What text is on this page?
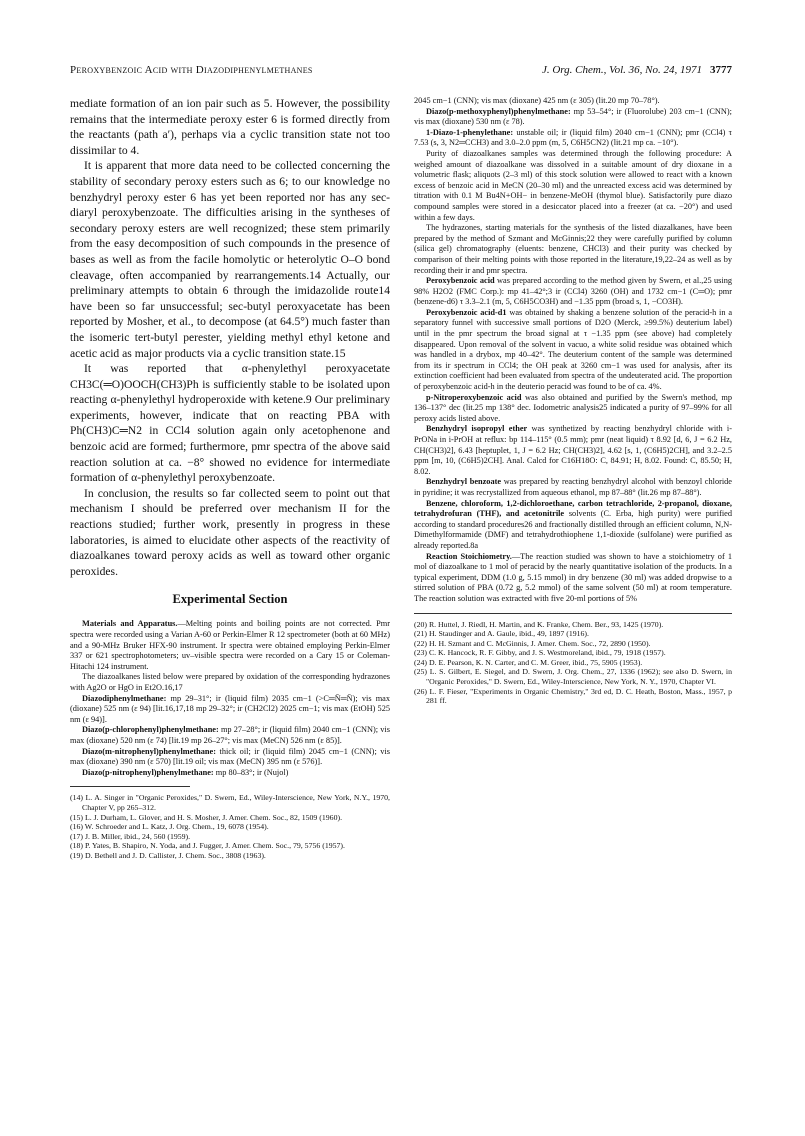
Peroxybenzoic Acid with Diazodiphenylmethanes	J. Org. Chem., Vol. 36, No. 24, 1971 3777

mediate formation of an ion pair such as 5. However, the possibility remains that the intermediate peroxy ester 6 is formed directly from the reactants (path a′), perhaps via a cyclic transition state not too dissimilar to 4.

It is apparent that more data need to be collected concerning the stability of secondary peroxy esters such as 6; to our knowledge no benzhydryl peroxy ester 6 has yet been reported nor has any sec-diaryl peroxybenzoate. The difficulties arising in the syntheses of secondary peroxy esters are well recognized; these stem primarily from the easy decomposition of such compounds in the presence of bases as well as from the facile homolytic or heterolytic O–O bond cleavage, often accompanied by rearrangements.14 Actually, our preliminary attempts to obtain 6 through the imidazolide route14 have been so far unsuccessful; sec-butyl peroxyacetate has been reported by Mosher, et al., to decompose (at 64.5°) much faster than the isomeric tert-butyl perester, yielding methyl ethyl ketone and acetic acid as major products via a cyclic transition state.15

It was reported that α-phenylethyl peroxyacetate CH3C(═O)OOCH(CH3)Ph is sufficiently stable to be isolated upon reacting α-phenylethyl hydroperoxide with ketene.9 Our preliminary experiments, however, indicate that on reacting PBA with Ph(CH3)C═N2 in CCl4 solution again only acetophenone and benzoic acid are formed; furthermore, pmr spectra of the above said reaction solution at ca. −8° showed no evidence for intermediate formation of α-phenylethyl peroxybenzoate.

In conclusion, the results so far collected seem to point out that mechanism I should be preferred over mechanism II for the reactions studied; further work, presently in progress in these laboratories, is aimed to elucidate other aspects of the reactivity of diazoalkanes toward peroxy acids as well as toward other organic peroxides.

Experimental Section

Materials and Apparatus.—Melting points and boiling points are not corrected. Pmr spectra were recorded using a Varian A-60 or Perkin-Elmer R 12 spectrometer (both at 60 MHz) and a 90-MHz Bruker HFX-90 instrument. Ir spectra were obtained employing Perkin-Elmer 337 or 621 spectrophotometers; uv–visible spectra were recorded on a Cary 15 or Coleman-Hitachi 124 instrument.

The diazoalkanes listed below were prepared by oxidation of the corresponding hydrazones with Ag2O or HgO in Et2O.16,17

Diazodiphenylmethane: mp 29–31°; ir (liquid film) 2035 cm−1 (>C═N̄═N̄); vis max (dioxane) 525 nm (ε 94) [lit.16,17,18 mp 29–32°; ir (CH2Cl2) 2025 cm−1; vis max (EtOH) 525 nm (ε 94)].

Diazo(p-chlorophenyl)phenylmethane: mp 27–28°; ir (liquid film) 2040 cm−1 (CNN); vis max (dioxane) 520 nm (ε 74) [lit.19 mp 26–27°; vis max (MeCN) 526 nm (ε 85)].

Diazo(m-nitrophenyl)phenylmethane: thick oil; ir (liquid film) 2045 cm−1 (CNN); vis max (dioxane) 390 nm (ε 570) [lit.19 oil; vis max (MeCN) 395 nm (ε 576)].

Diazo(p-nitrophenyl)phenylmethane: mp 80–83°; ir (Nujol)

(14) L. A. Singer in "Organic Peroxides," D. Swern, Ed., Wiley-Interscience, New York, N.Y., 1970, Chapter V, pp 265–312.

(15) L. J. Durham, L. Glover, and H. S. Mosher, J. Amer. Chem. Soc., 82, 1509 (1960).

(16) W. Schroeder and L. Katz, J. Org. Chem., 19, 6078 (1954).

(17) J. B. Miller, ibid., 24, 560 (1959).

(18) P. Yates, B. Shapiro, N. Yoda, and J. Fugger, J. Amer. Chem. Soc., 79, 5756 (1957).

(19) D. Bethell and J. D. Callister, J. Chem. Soc., 3808 (1963).

2045 cm−1 (CNN); vis max (dioxane) 425 nm (ε 305) (lit.20 mp 70–78°).

Diazo(p-methoxyphenyl)phenylmethane: mp 53–54°; ir (Fluorolube) 203 cm−1 (CNN); vis max (dioxane) 530 nm (ε 78).

1-Diazo-1-phenylethane: unstable oil; ir (liquid film) 2040 cm−1 (CNN); pmr (CCl4) τ 7.53 (s, 3, N2═CCH3) and 3.0–2.0 ppm (m, 5, C6H5CN2) (lit.21 mp ca. −10°).

Purity of diazoalkanes samples was determined through the following procedure: A weighed amount of diazoalkane was dissolved in a suitable amount of dry dioxane in a volumetric flask; aliquots (2–3 ml) of this stock solution were allowed to react with a known excess of benzoic acid in MeCN (20–30 ml) and the unreacted excess acid was determined by titration with 0.1 M Bu4N+OH− in benzene-MeOH (thymol blue). Satisfactorily pure diazo compound samples were stored in a desiccator placed into a freezer (at ca. −20°) and used within a few days.

The hydrazones, starting materials for the synthesis of the listed diazalkanes, have been prepared by the method of Szmant and McGinnis;22 they were carefully purified by column (silica gel) chromatography (eluents: benzene, CHCl3) and their purity was checked by comparison of their melting points with those reported in the literature,19,22–24 as well as by recording their ir and pmr spectra.

Peroxybenzoic acid was prepared according to the method given by Swern, et al.,25 using 98% H2O2 (FMC Corp.): mp 41–42°;3 ir (CCl4) 3260 (OH) and 1732 cm−1 (C═O); pmr (benzene-d6) τ 3.3–2.1 (m, 5, C6H5CO3H) and −1.35 ppm (broad s, 1, −CO3H).

Peroxybenzoic acid-d1 was obtained by shaking a benzene solution of the peracid-h in a separatory funnel with successive small portions of D2O (Merck, ≥99.5%) deuterium label) until in the pmr spectrum the broad signal at τ −1.35 ppm (see above) had completely disappeared. Upon removal of the solvent in vacuo, a white solid residue was obtained which was handled in a drybox, mp 40–42°. The deuterium content of the sample was determined from its ir spectrum in CCl4; the OH peak at 3260 cm−1 was used for analysis, after its extinction coefficient had been evaluated from spectra of the undeuterated acid. The proportion of peroxybenzoic acid-h in the deuterio peracid was found to be of ca. 4%.

p-Nitroperoxybenzoic acid was also obtained and purified by the Swern's method, mp 136–137° dec (lit.25 mp 138° dec. Iodometric analysis25 indicated a purity of 97–99% for all peroxy acids listed above.

Benzhydryl isopropyl ether was synthetized by reacting benzhydryl chloride with i-PrONa in i-PrOH at reflux: bp 114–115° (0.5 mm); pmr (neat liquid) τ 8.92 [d, 6, J = 6.2 Hz, CH(CH3)2], 6.43 [heptuplet, 1, J = 6.2 Hz; CH(CH3)2], 4.62 [s, 1, (C6H5)2CH], and 3.2–2.5 ppm [m, 10, (C6H5)2CH]. Anal. Calcd for C16H18O: C, 84.91; H, 8.02. Found: C, 85.50; H, 8.02.

Benzhydryl benzoate was prepared by reacting benzhydryl alcohol with benzoyl chloride in pyridine; it was recrystallized from aqueous ethanol, mp 87–88° (lit.26 mp 87–88°).

Benzene, chloroform, 1,2-dichloroethane, carbon tetrachloride, 2-propanol, dioxane, tetrahydrofuran (THF), and acetonitrile solvents (C. Erba, high purity) were purified according to standard procedures26 and fractionally distilled through an efficient column, N,N-Dimethylformamide (DMF) and tetrahydrothiophene 1,1-dioxide (sulfolane) were purified as already reported.8a

Reaction Stoichiometry.—The reaction studied was shown to have a stoichiometry of 1 mol of diazoalkane to 1 mol of peracid by the nearly quantitative isolation of the products. In a typical experiment, DDM (1.0 g, 5.15 mmol) in dry benzene (30 ml) was added dropwise to a stirred solution of PBA (0.72 g, 5.2 mmol) of the same solvent (50 ml) at room temperature. The reaction solution was extracted with five 20-ml portions of 5%

(20) R. Huttel, J. Riedl, H. Martin, and K. Franke, Chem. Ber., 93, 1425 (1970).

(21) H. Staudinger and A. Gaule, ibid., 49, 1897 (1916).

(22) H. H. Szmant and C. McGinnis, J. Amer. Chem. Soc., 72, 2890 (1950).

(23) C. K. Hancock, R. F. Gibby, and J. S. Westmoreland, ibid., 79, 1918 (1957).

(24) D. E. Pearson, K. N. Carter, and C. M. Greer, ibid., 75, 5905 (1953).

(25) L. S. Gilbert, E. Siegel, and D. Swern, J. Org. Chem., 27, 1336 (1962); see also D. Swern, in "Organic Peroxides," D. Swern, Ed., Wiley-Interscience, New York, N. Y., 1970, Chapter VI.

(26) L. F. Fieser, "Experiments in Organic Chemistry," 3rd ed, D. C. Heath, Boston, Mass., 1957, p 281 ff.
